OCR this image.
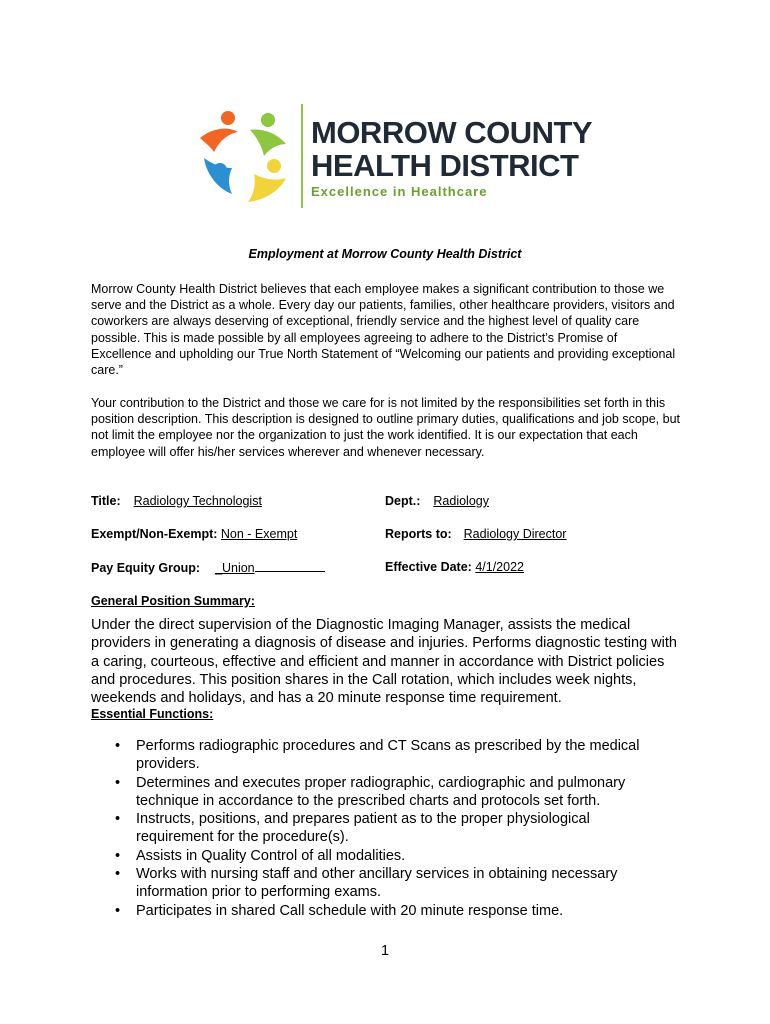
MORROW COUNTY
HEALTH DISTRICT
Excellence in Healthcare
Employment at Morrow County Health District

Morrow County Health District believes that each employee makes a significant contribution to those we serve and the District as a whole. Every day our patients, families, other healthcare providers, visitors and coworkers are always deserving of exceptional, friendly service and the highest level of quality care possible. This is made possible by all employees agreeing to adhere to the District’s Promise of Excellence and upholding our True North Statement of “Welcoming our patients and providing exceptional care.”

Your contribution to the District and those we care for is not limited by the responsibilities set forth in this position description. This description is designed to outline primary duties, qualifications and job scope, but not limit the employee nor the organization to just the work identified. It is our expectation that each employee will offer his/her services wherever and whenever necessary.

Title: Radiology Technologist	Dept.: Radiology
Exempt/Non-Exempt: Non - Exempt	Reports to: Radiology Director
Pay Equity Group: _Union	Effective Date: 4/1/2022
General Position Summary:

Under the direct supervision of the Diagnostic Imaging Manager, assists the medical providers in generating a diagnosis of disease and injuries. Performs diagnostic testing with a caring, courteous, effective and efficient and manner in accordance with District policies and procedures. This position shares in the Call rotation, which includes week nights, weekends and holidays, and has a 20 minute response time requirement.

Essential Functions:
• Performs radiographic procedures and CT Scans as prescribed by the medical providers.
• Determines and executes proper radiographic, cardiographic and pulmonary technique in accordance to the prescribed charts and protocols set forth.
• Instructs, positions, and prepares patient as to the proper physiological requirement for the procedure(s).
• Assists in Quality Control of all modalities.
• Works with nursing staff and other ancillary services in obtaining necessary information prior to performing exams.
• Participates in shared Call schedule with 20 minute response time.
1
